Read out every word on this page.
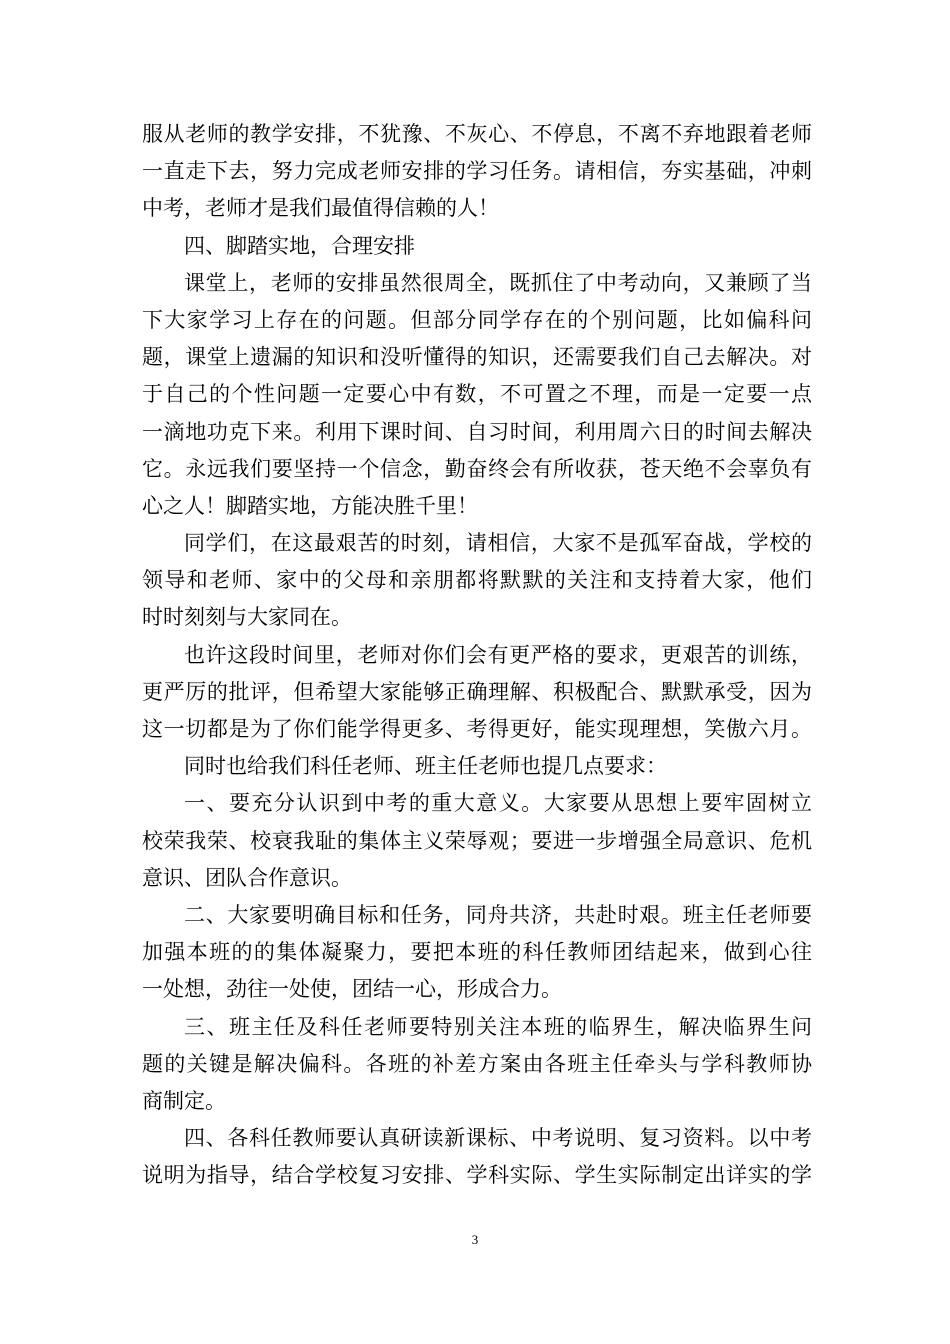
服从老师的教学安排，不犹豫、不灰心、不停息，不离不弃地跟着老师
一直走下去，努力完成老师安排的学习任务。请相信，夯实基础，冲刺
中考，老师才是我们最值得信赖的人！
四、脚踏实地，合理安排
课堂上，老师的安排虽然很周全，既抓住了中考动向，又兼顾了当
下大家学习上存在的问题。但部分同学存在的个别问题，比如偏科问
题，课堂上遗漏的知识和没听懂得的知识，还需要我们自己去解决。对
于自己的个性问题一定要心中有数，不可置之不理，而是一定要一点
一滴地功克下来。利用下课时间、自习时间，利用周六日的时间去解决
它。永远我们要坚持一个信念，勤奋终会有所收获，苍天绝不会辜负有
心之人！脚踏实地，方能决胜千里！
同学们，在这最艰苦的时刻，请相信，大家不是孤军奋战，学校的
领导和老师、家中的父母和亲朋都将默默的关注和支持着大家，他们
时时刻刻与大家同在。
也许这段时间里，老师对你们会有更严格的要求，更艰苦的训练，
更严厉的批评，但希望大家能够正确理解、积极配合、默默承受，因为
这一切都是为了你们能学得更多、考得更好，能实现理想，笑傲六月。
同时也给我们科任老师、班主任老师也提几点要求：
一、要充分认识到中考的重大意义。大家要从思想上要牢固树立
校荣我荣、校衰我耻的集体主义荣辱观；要进一步增强全局意识、危机
意识、团队合作意识。
二、大家要明确目标和任务，同舟共济，共赴时艰。班主任老师要
加强本班的的集体凝聚力，要把本班的科任教师团结起来，做到心往
一处想，劲往一处使，团结一心，形成合力。
三、班主任及科任老师要特别关注本班的临界生，解决临界生问
题的关键是解决偏科。各班的补差方案由各班主任牵头与学科教师协
商制定。
四、各科任教师要认真研读新课标、中考说明、复习资料。以中考
说明为指导，结合学校复习安排、学科实际、学生实际制定出详实的学
3
